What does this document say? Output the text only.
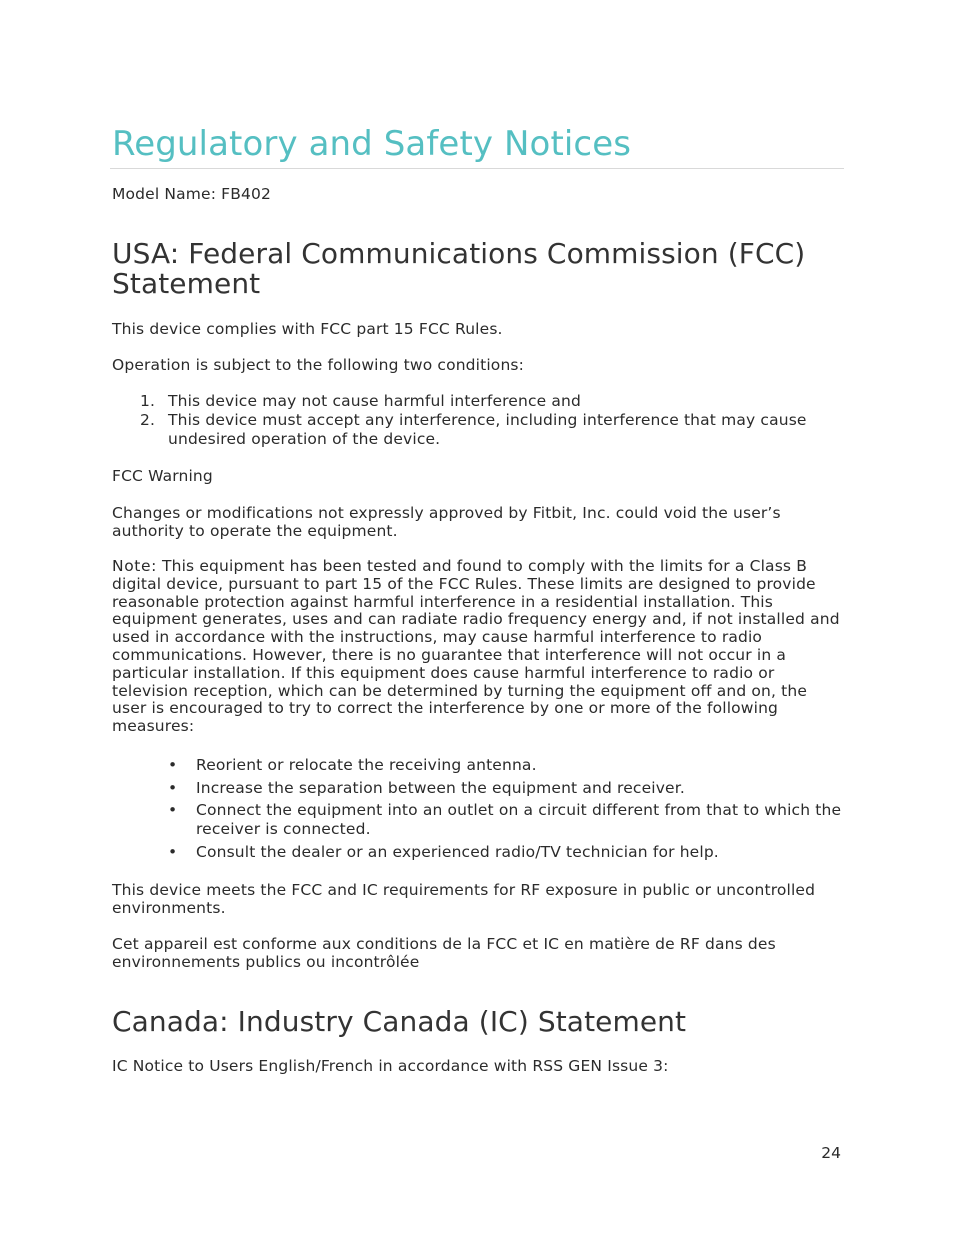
Regulatory and Safety Notices

Model Name: FB402

USA: Federal Communications Commission (FCC) Statement

This device complies with FCC part 15 FCC Rules.

Operation is subject to the following two conditions:

1. This device may not cause harmful interference and
2. This device must accept any interference, including interference that may cause undesired operation of the device.

FCC Warning

Changes or modifications not expressly approved by Fitbit, Inc. could void the user’s authority to operate the equipment.

Note: This equipment has been tested and found to comply with the limits for a Class B digital device, pursuant to part 15 of the FCC Rules. These limits are designed to provide reasonable protection against harmful interference in a residential installation. This equipment generates, uses and can radiate radio frequency energy and, if not installed and used in accordance with the instructions, may cause harmful interference to radio communications. However, there is no guarantee that interference will not occur in a particular installation. If this equipment does cause harmful interference to radio or television reception, which can be determined by turning the equipment off and on, the user is encouraged to try to correct the interference by one or more of the following measures:

• Reorient or relocate the receiving antenna.
• Increase the separation between the equipment and receiver.
• Connect the equipment into an outlet on a circuit different from that to which the receiver is connected.
• Consult the dealer or an experienced radio/TV technician for help.

This device meets the FCC and IC requirements for RF exposure in public or uncontrolled environments.

Cet appareil est conforme aux conditions de la FCC et IC en matière de RF dans des environnements publics ou incontrôlée

Canada: Industry Canada (IC) Statement

IC Notice to Users English/French in accordance with RSS GEN Issue 3:

24
